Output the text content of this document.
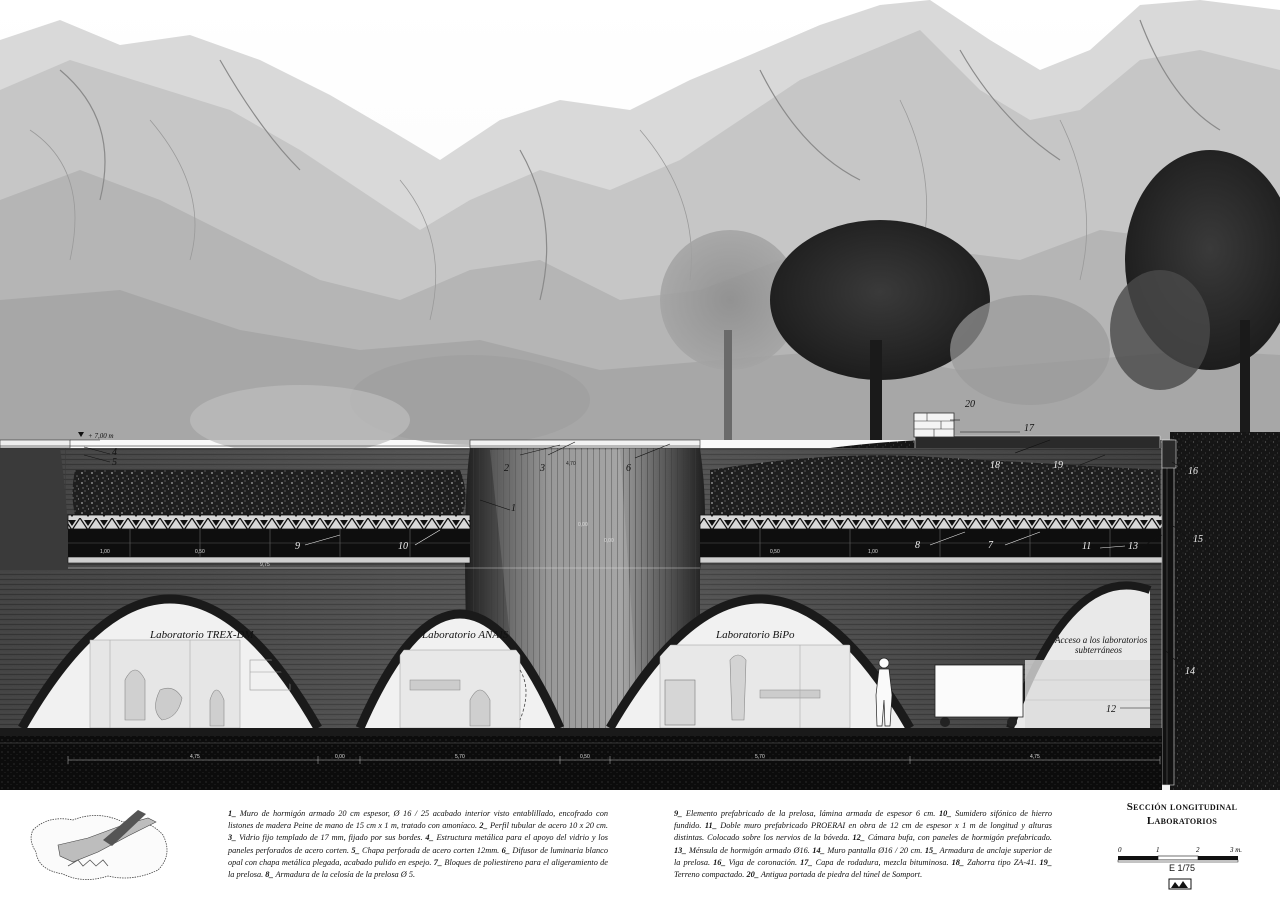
1,00	0,50	0,50	1,00
4,70
9,75
0,00
0,00
4,75	0,00	5,70	0,50	5,70	4,75
+ 7,00 m
Laboratorio TREX-DM	Laboratorio ANAIS	Laboratorio BiPo	Acceso a los laboratorios
subterráneos
1
2	3
4
5
6
7
8
9	10	11
12
13
14
15
16
17
18	19
20
1_ Muro de hormigón armado 20 cm espesor, Ø 16 / 25 acabado interior visto entablillado, encofrado con listones de madera Peine de mano de 15 cm x 1 m, tratado con amoníaco. 2_ Perfil tubular de acero 10 x 20 cm. 3_ Vidrio fijo templado de 17 mm, fijado por sus bordes. 4_ Estructura metálica para el apoyo del vidrio y los paneles perforados de acero corten. 5_ Chapa perforada de acero corten 12mm. 6_ Difusor de luminaria blanco opal con chapa metálica plegada, acabado pulido en espejo. 7_ Bloques de poliestireno para el aligeramiento de la prelosa. 8_ Armadura de la celosía de la prelosa Ø 5.
9_ Elemento prefabricado de la prelosa, lámina armada de espesor 6 cm. 10_ Sumidero sifónico de hierro fundido. 11_ Doble muro prefabricado PROERAI en obra de 12 cm de espesor x 1 m de longitud y alturas distintas. Colocado sobre los nervios de la bóveda. 12_ Cámara bufa, con paneles de hormigón prefabricado. 13_ Ménsula de hormigón armado Ø16. 14_ Muro pantalla Ø16 / 20 cm. 15_ Armadura de anclaje superior de la prelosa. 16_ Viga de coronación. 17_ Capa de rodadura, mezcla bituminosa. 18_ Zahorra tipo ZA-41. 19_ Terreno compactado. 20_ Antigua portada de piedra del túnel de Somport.
Sección longitudinal
Laboratorios
0	1	2	3 m.
E 1/75
